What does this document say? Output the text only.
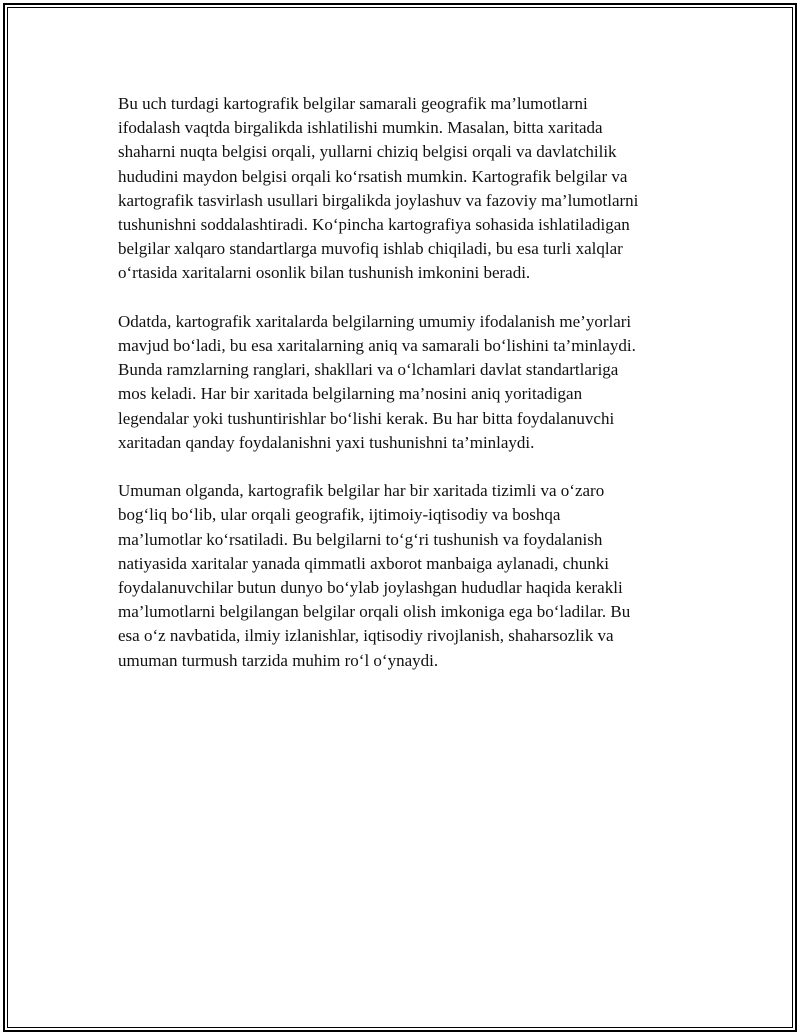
Bu uch turdagi kartografik belgilar samarali geografik ma’lumotlarni
ifodalash vaqtda birgalikda ishlatilishi mumkin. Masalan, bitta xaritada
shaharni nuqta belgisi orqali, yullarni chiziq belgisi orqali va davlatchilik
hududini maydon belgisi orqali ko‘rsatish mumkin. Kartografik belgilar va
kartografik tasvirlash usullari birgalikda joylashuv va fazoviy ma’lumotlarni
tushunishni soddalashtiradi. Ko‘pincha kartografiya sohasida ishlatiladigan
belgilar xalqaro standartlarga muvofiq ishlab chiqiladi, bu esa turli xalqlar
o‘rtasida xaritalarni osonlik bilan tushunish imkonini beradi.

Odatda, kartografik xaritalarda belgilarning umumiy ifodalanish me’yorlari
mavjud bo‘ladi, bu esa xaritalarning aniq va samarali bo‘lishini ta’minlaydi.
Bunda ramzlarning ranglari, shakllari va o‘lchamlari davlat standartlariga
mos keladi. Har bir xaritada belgilarning ma’nosini aniq yoritadigan
legendalar yoki tushuntirishlar bo‘lishi kerak. Bu har bitta foydalanuvchi
xaritadan qanday foydalanishni yaxi tushunishni ta’minlaydi.

Umuman olganda, kartografik belgilar har bir xaritada tizimli va o‘zaro
bog‘liq bo‘lib, ular orqali geografik, ijtimoiy-iqtisodiy va boshqa
ma’lumotlar ko‘rsatiladi. Bu belgilarni to‘g‘ri tushunish va foydalanish
natiyasida xaritalar yanada qimmatli axborot manbaiga aylanadi, chunki
foydalanuvchilar butun dunyo bo‘ylab joylashgan hududlar haqida kerakli
ma’lumotlarni belgilangan belgilar orqali olish imkoniga ega bo‘ladilar. Bu
esa o‘z navbatida, ilmiy izlanishlar, iqtisodiy rivojlanish, shaharsozlik va
umuman turmush tarzida muhim ro‘l o‘ynaydi.
